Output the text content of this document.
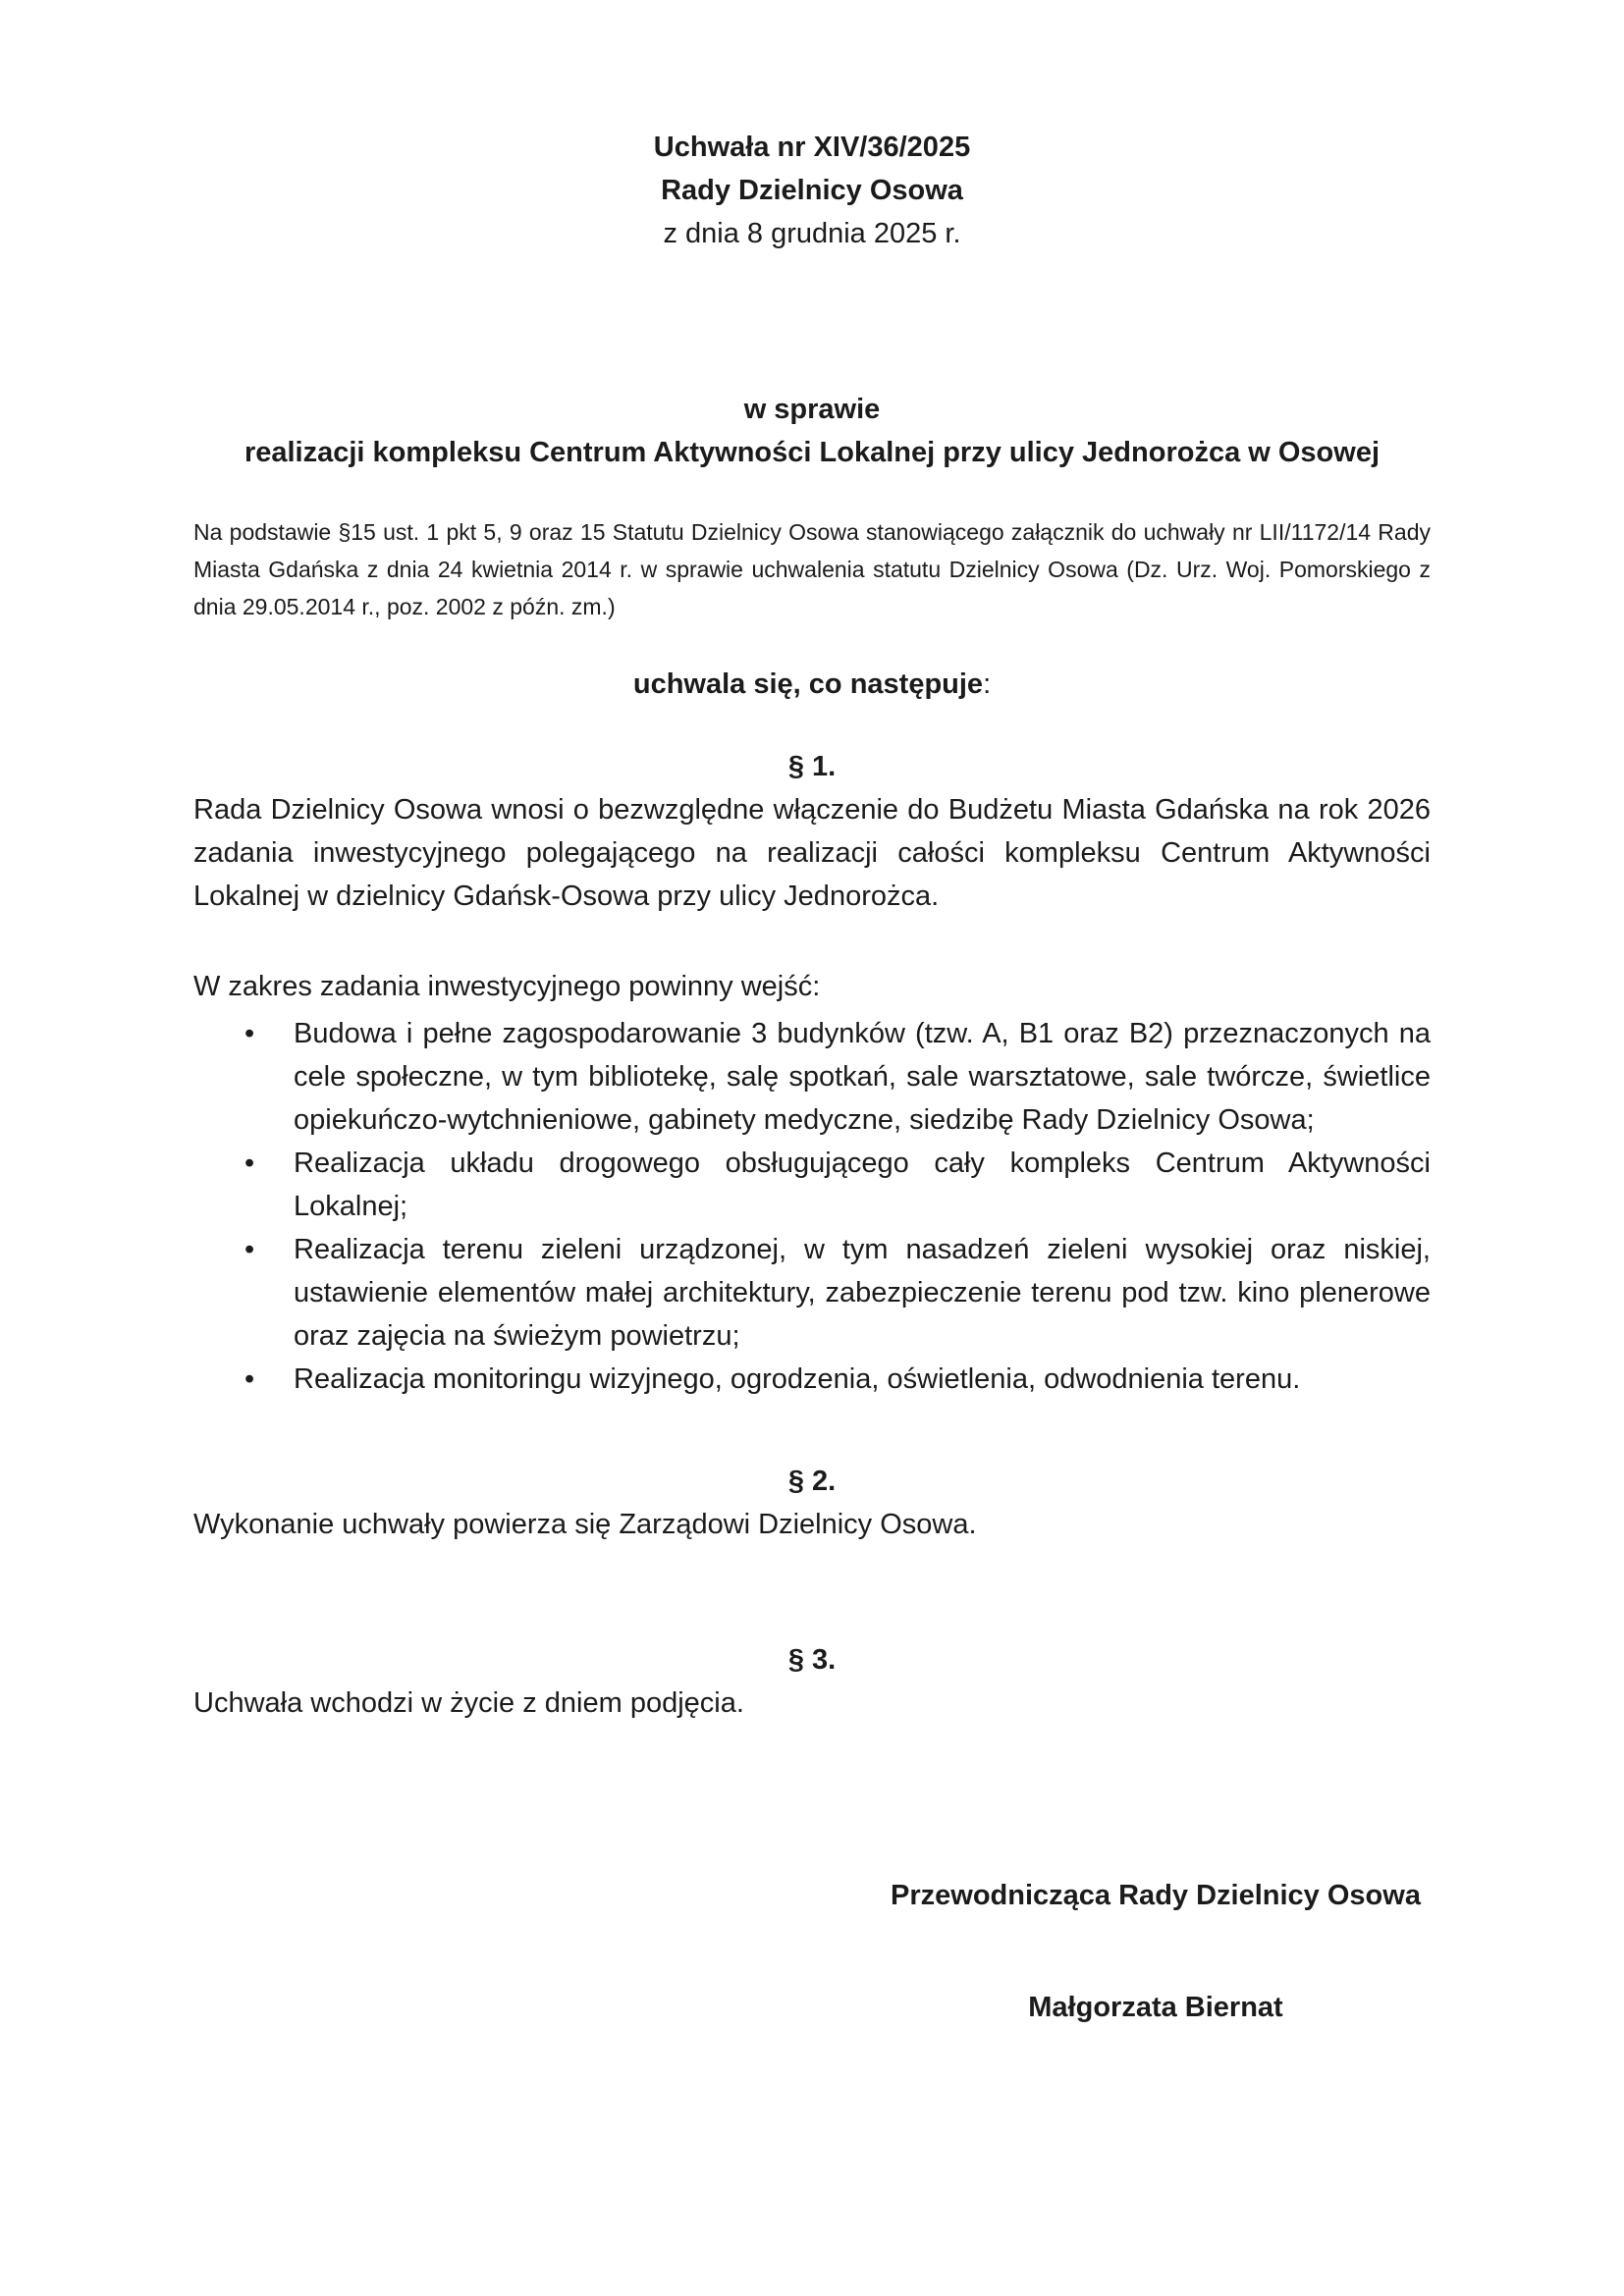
Uchwała nr XIV/36/2025
Rady Dzielnicy Osowa
z dnia 8 grudnia 2025 r.
w sprawie
realizacji kompleksu Centrum Aktywności Lokalnej przy ulicy Jednorożca w Osowej
Na podstawie §15 ust. 1 pkt 5, 9 oraz 15 Statutu Dzielnicy Osowa stanowiącego załącznik do uchwały nr LII/1172/14 Rady Miasta Gdańska z dnia 24 kwietnia 2014 r. w sprawie uchwalenia statutu Dzielnicy Osowa (Dz. Urz. Woj. Pomorskiego z dnia 29.05.2014 r., poz. 2002 z późn. zm.)
uchwala się, co następuje :
§ 1.
Rada Dzielnicy Osowa wnosi o bezwzględne włączenie do Budżetu Miasta Gdańska na rok 2026 zadania inwestycyjnego polegającego na realizacji całości kompleksu Centrum Aktywności Lokalnej w dzielnicy Gdańsk-Osowa przy ulicy Jednorożca.
W zakres zadania inwestycyjnego powinny wejść:
• Budowa i pełne zagospodarowanie 3 budynków (tzw. A, B1 oraz B2) przeznaczonych na cele społeczne, w tym bibliotekę, salę spotkań, sale warsztatowe, sale twórcze, świetlice opiekuńczo-wytchnieniowe, gabinety medyczne, siedzibę Rady Dzielnicy Osowa;
• Realizacja układu drogowego obsługującego cały kompleks Centrum Aktywności Lokalnej;
• Realizacja terenu zieleni urządzonej, w tym nasadzeń zieleni wysokiej oraz niskiej, ustawienie elementów małej architektury, zabezpieczenie terenu pod tzw. kino plenerowe oraz zajęcia na świeżym powietrzu;
• Realizacja monitoringu wizyjnego, ogrodzenia, oświetlenia, odwodnienia terenu.
§ 2.
Wykonanie uchwały powierza się Zarządowi Dzielnicy Osowa.
§ 3.
Uchwała wchodzi w życie z dniem podjęcia.
Przewodnicząca Rady Dzielnicy Osowa
Małgorzata Biernat
